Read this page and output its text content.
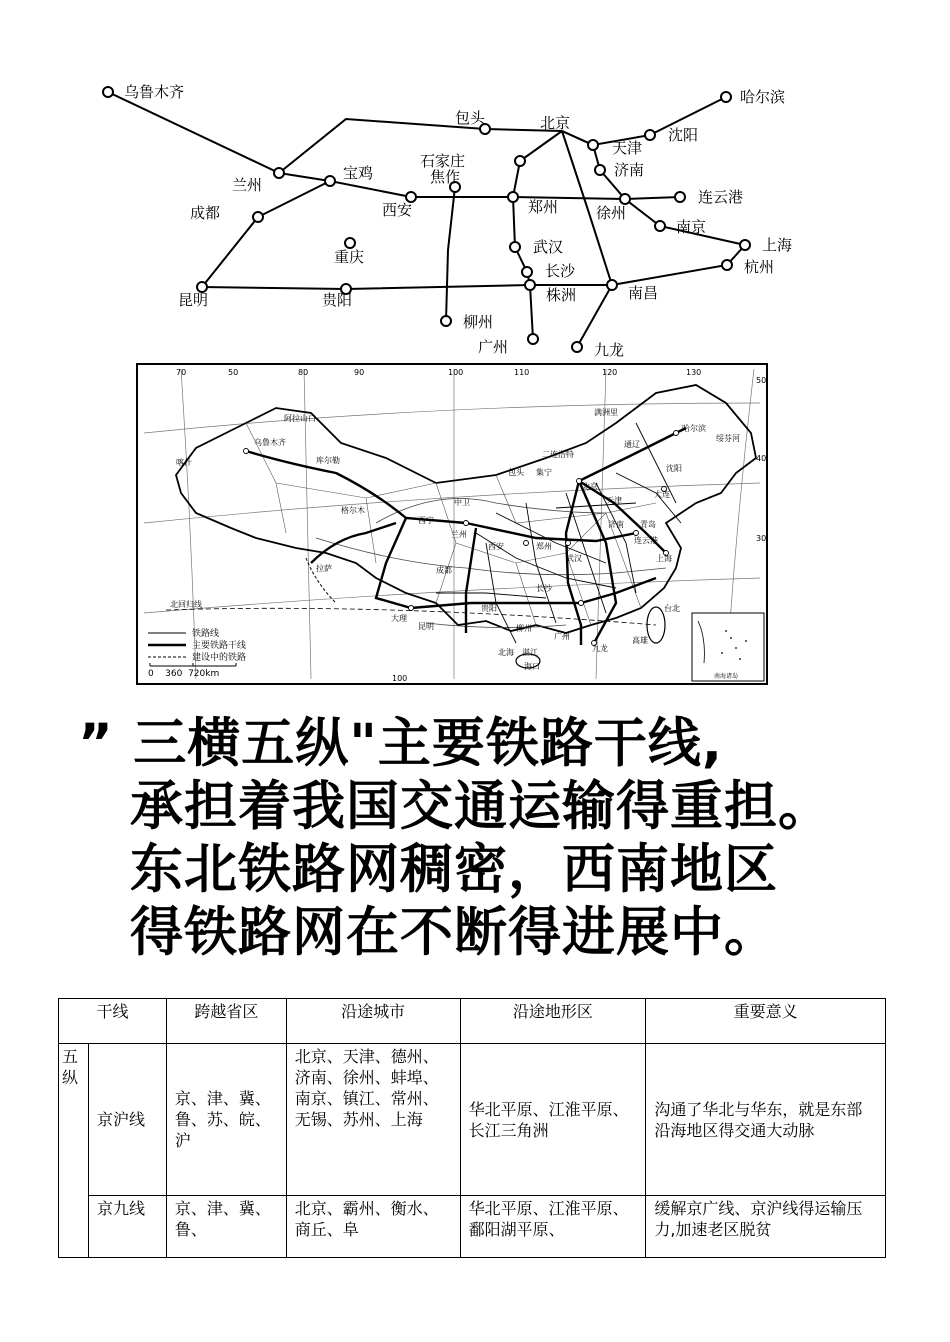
乌鲁木齐	哈尔滨
包头	北京
沈阳
天津
兰州
宝鸡
石家庄	济南
焦作
连云港
成都	西安	郑州	徐州
南京
重庆
武汉	上海
长沙	杭州
昆明	贵阳	株洲	南昌
柳州
广州	九龙
70	50	80	90	100	110	120	130
100
50
40
30
北回归线
阿拉山口
乌鲁木齐
喀什	库尔勒
格尔木
拉萨	成都
昆明
大理
兰州
西宁
中卫
包头 集宁
二连浩特
满洲里
哈尔滨
绥芬河
通辽
沈阳
大连
北京
天津
济南 青岛
郑州
西安
连云港
上海
武汉
长沙
贵阳
柳州
广州
九龙
北海 湛江
海口
台北
高雄
南海诸岛
铁路线
主要铁路干线
建设中的铁路
0    360  720km
” 三横五纵"主要铁路干线,
承担着我国交通运输得重担。
东北铁路网稠密，西南地区
得铁路网在不断得进展中。
干线		跨越省区	沿途城市	沿途地形区	重要意义
五纵	京沪线	京、津、冀、鲁、苏、皖、沪	北京、天津、德州、济南、徐州、蚌埠、南京、镇江、常州、无锡、苏州、上海	华北平原、江淮平原、长江三角洲	沟通了华北与华东，就是东部沿海地区得交通大动脉
	京九线	京、津、冀、鲁、	北京、霸州、衡水、商丘、阜	华北平原、江淮平原、鄱阳湖平原、	缓解京广线、京沪线得运输压力,加速老区脱贫
